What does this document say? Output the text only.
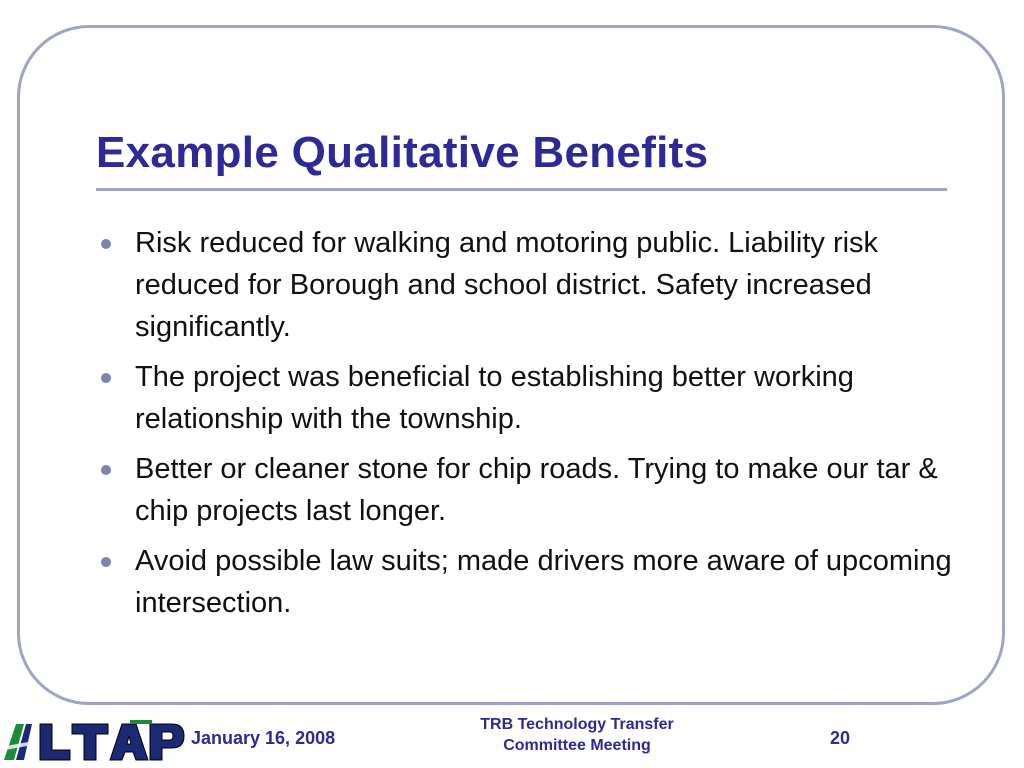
Example Qualitative Benefits
Risk reduced for walking and motoring public. Liability risk reduced for Borough and school district. Safety increased significantly.
The project was beneficial to establishing better working relationship with the township.
Better or cleaner stone for chip roads. Trying to make our tar & chip projects last longer.
Avoid possible law suits; made drivers more aware of upcoming intersection.
January 16, 2008
TRB Technology Transfer
Committee Meeting	20
